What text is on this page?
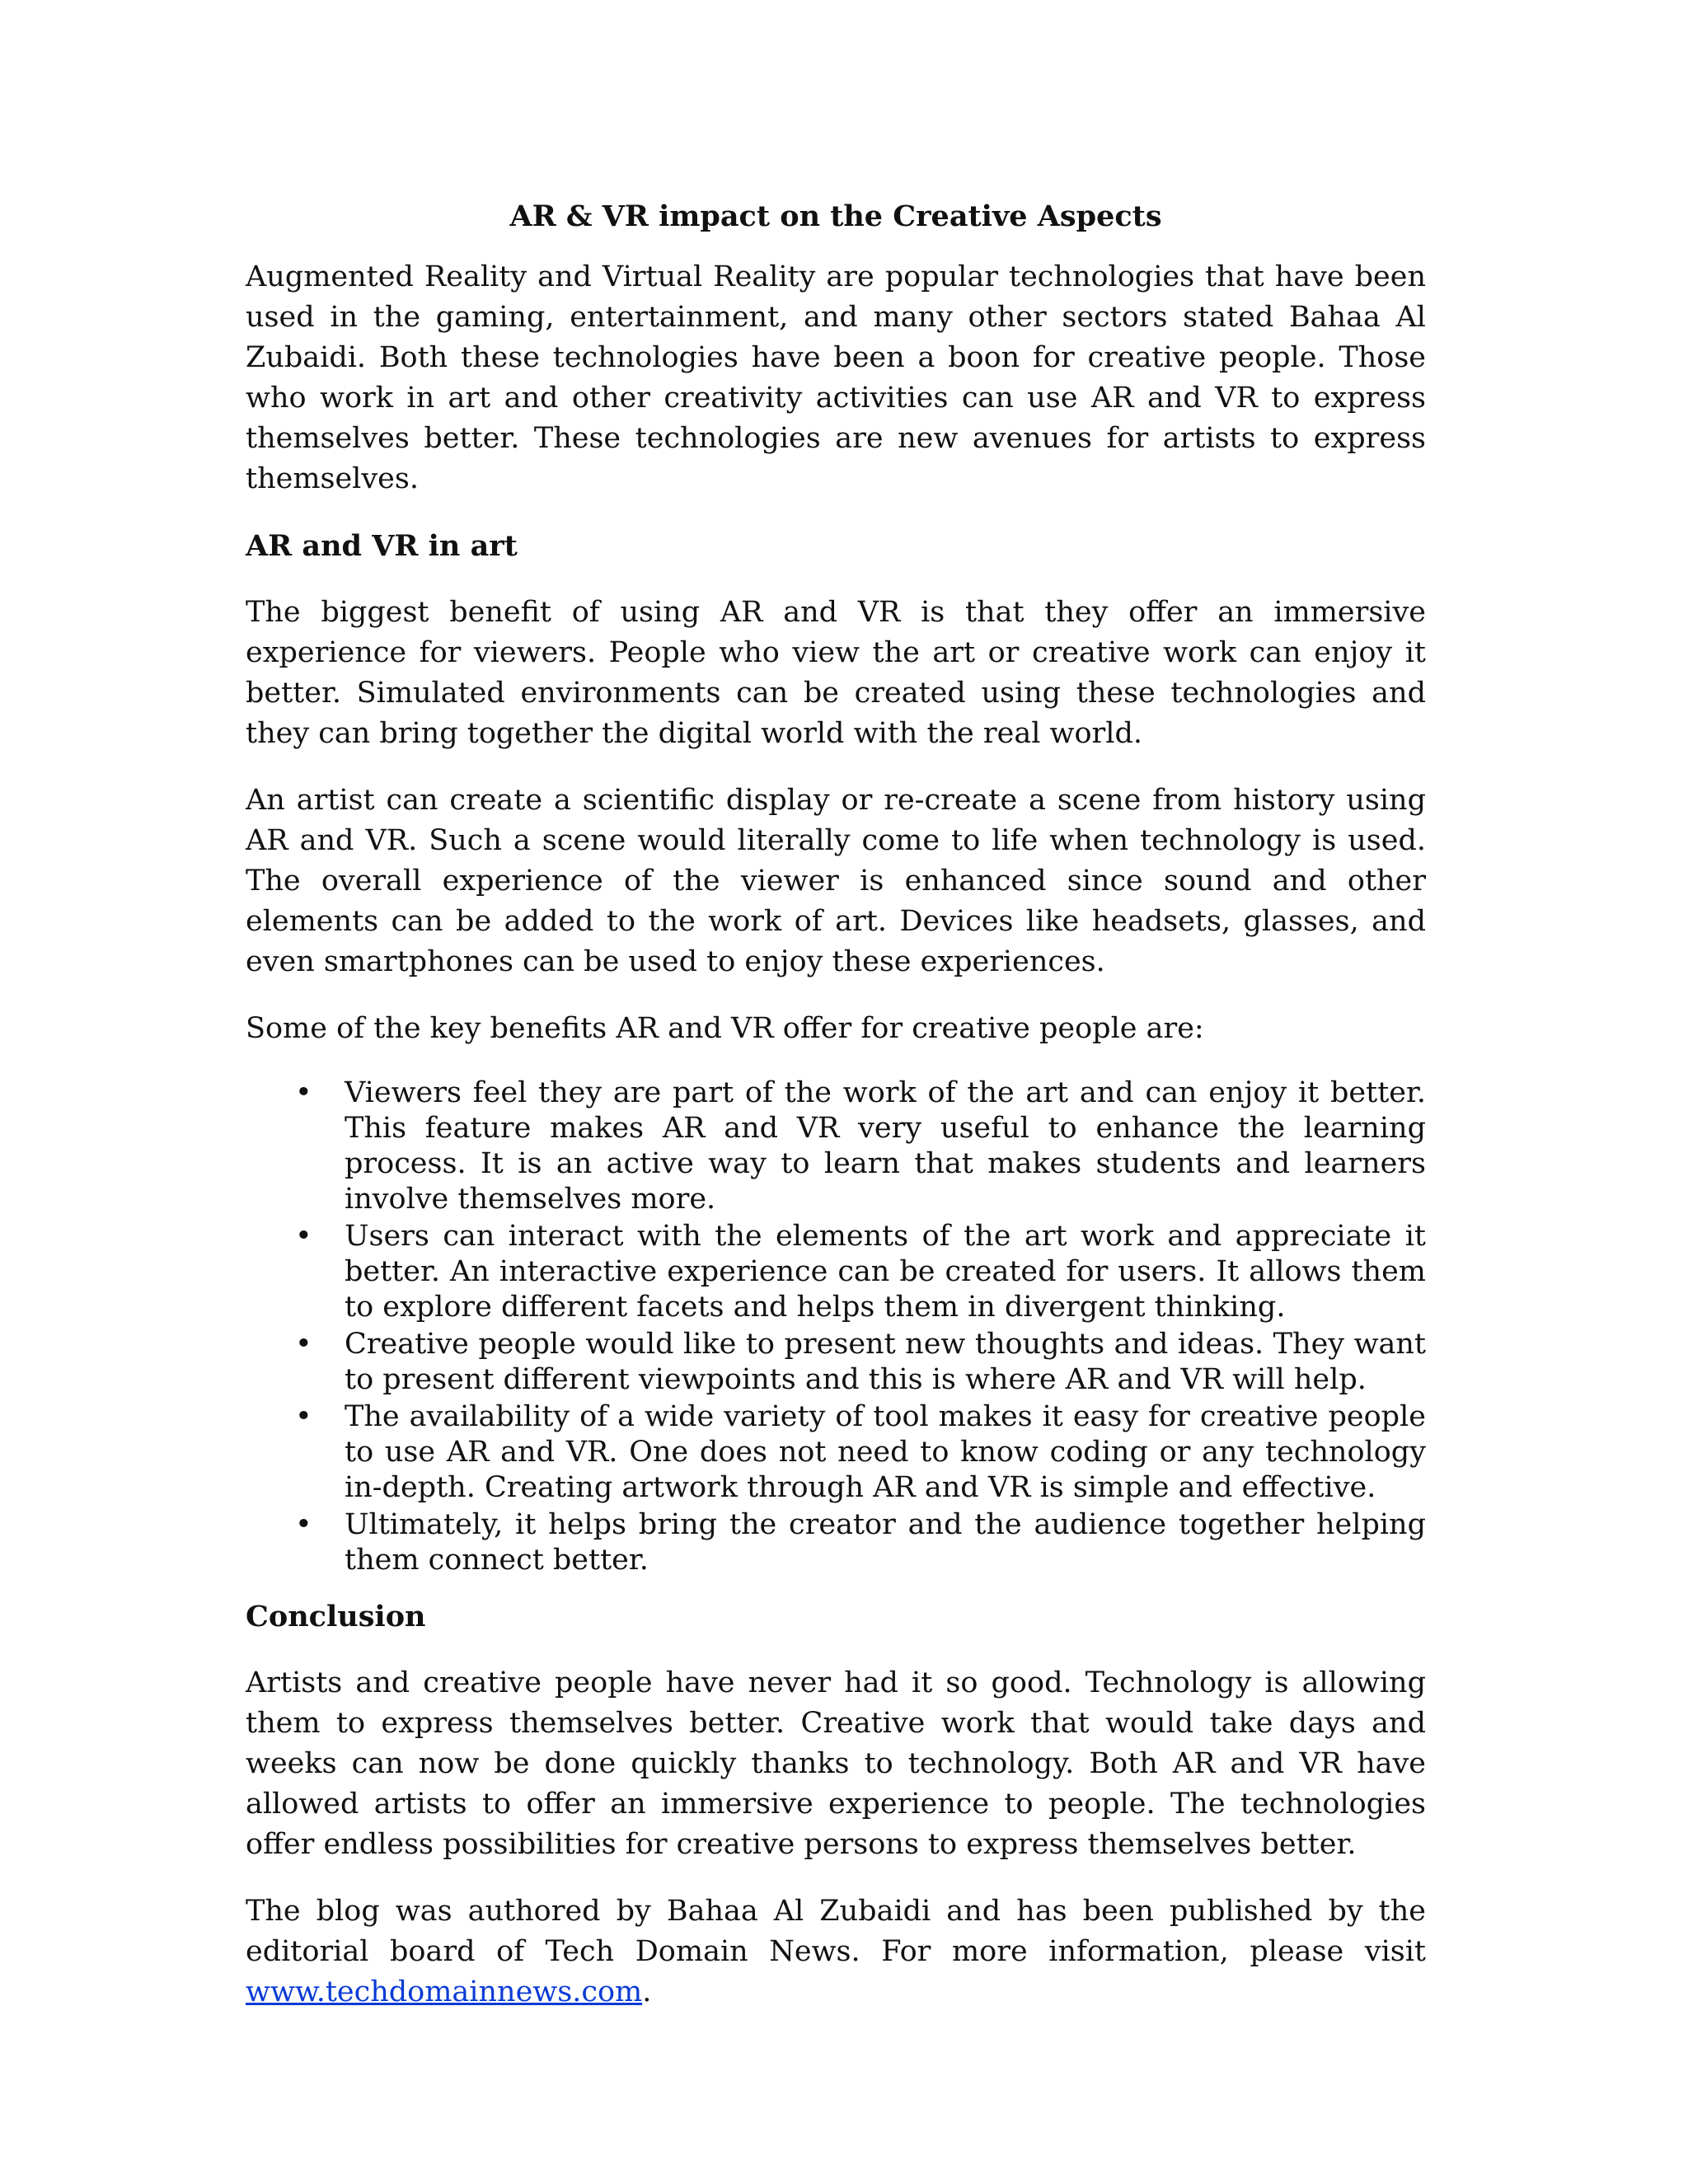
AR & VR impact on the Creative Aspects
Augmented Reality and Virtual Reality are popular technologies that have been used in the gaming, entertainment, and many other sectors stated Bahaa Al Zubaidi. Both these technologies have been a boon for creative people. Those who work in art and other creativity activities can use AR and VR to express themselves better. These technologies are new avenues for artists to express themselves.
AR and VR in art
The biggest benefit of using AR and VR is that they offer an immersive experience for viewers. People who view the art or creative work can enjoy it better. Simulated environments can be created using these technologies and they can bring together the digital world with the real world.
An artist can create a scientific display or re-create a scene from history using AR and VR. Such a scene would literally come to life when technology is used. The overall experience of the viewer is enhanced since sound and other elements can be added to the work of art. Devices like headsets, glasses, and even smartphones can be used to enjoy these experiences.
Some of the key benefits AR and VR offer for creative people are:
• Viewers feel they are part of the work of the art and can enjoy it better. This feature makes AR and VR very useful to enhance the learning process. It is an active way to learn that makes students and learners involve themselves more.
• Users can interact with the elements of the art work and appreciate it better. An interactive experience can be created for users. It allows them to explore different facets and helps them in divergent thinking.
• Creative people would like to present new thoughts and ideas. They want to present different viewpoints and this is where AR and VR will help.
• The availability of a wide variety of tool makes it easy for creative people to use AR and VR. One does not need to know coding or any technology in-depth. Creating artwork through AR and VR is simple and effective.
• Ultimately, it helps bring the creator and the audience together helping them connect better.
Conclusion
Artists and creative people have never had it so good. Technology is allowing them to express themselves better. Creative work that would take days and weeks can now be done quickly thanks to technology. Both AR and VR have allowed artists to offer an immersive experience to people. The technologies offer endless possibilities for creative persons to express themselves better.
The blog was authored by Bahaa Al Zubaidi and has been published by the editorial board of Tech Domain News. For more information, please visit www.techdomainnews.com.
